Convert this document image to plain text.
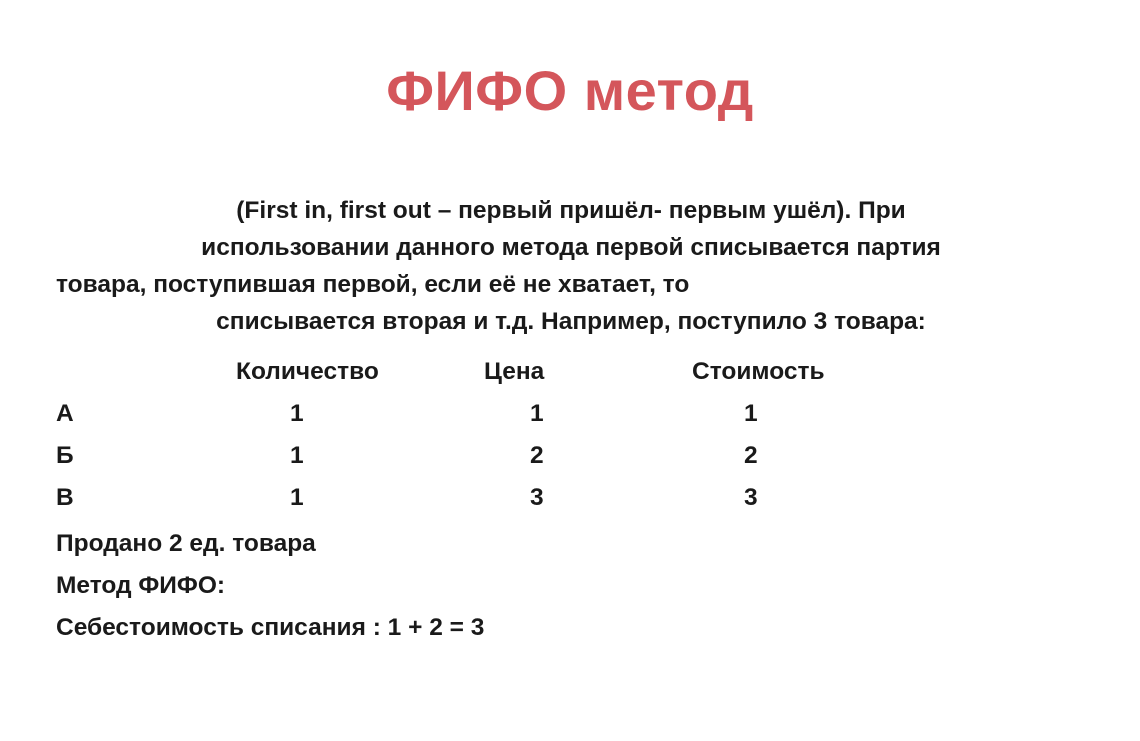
ФИФО метод
(First in, first out – первый пришёл- первым ушёл). При
использовании данного метода первой списывается партия
товара, поступившая первой, если её не хватает, то
списывается вторая и т.д. Например, поступило 3 товара:
	Количество	Цена	Стоимость
А	1	1	1
Б	1	2	2
В	1	3	3
Продано 2 ед. товара
Метод ФИФО:
Себестоимость списания : 1 + 2 = 3
